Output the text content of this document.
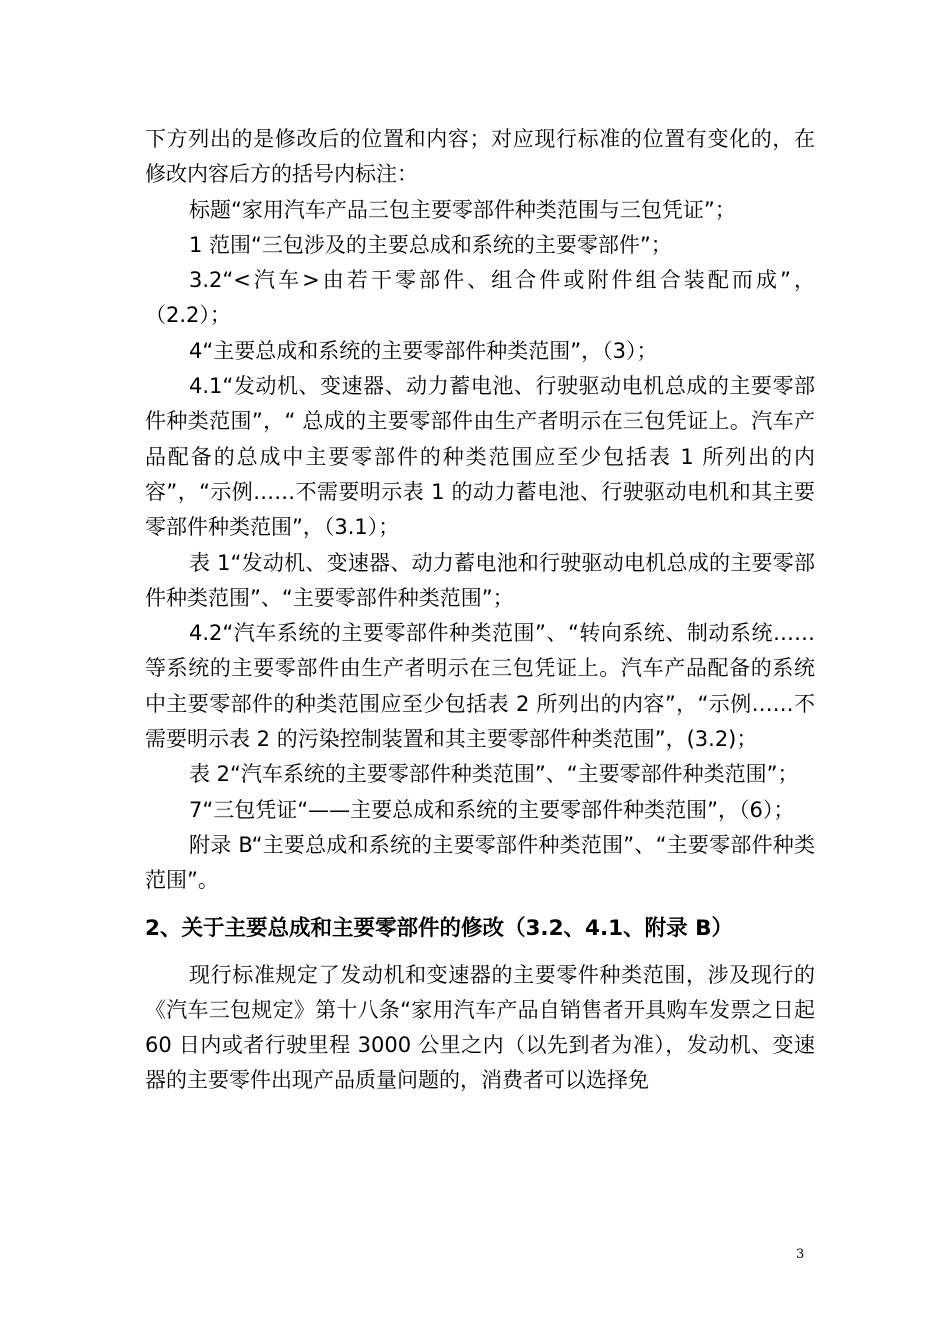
下方列出的是修改后的位置和内容；对应现行标准的位置有变化的，在修改内容后方的括号内标注：

标题“家用汽车产品三包主要零部件种类范围与三包凭证”；

1 范围“三包涉及的主要总成和系统的主要零部件”；

3.2“<汽车>由若干零部件、组合件或附件组合装配而成”，（2.2）；

4“主要总成和系统的主要零部件种类范围”，（3）；

4.1“发动机、变速器、动力蓄电池、行驶驱动电机总成的主要零部件种类范围”，“ 总成的主要零部件由生产者明示在三包凭证上。汽车产品配备的总成中主要零部件的种类范围应至少包括表 1 所列出的内容”，“示例……不需要明示表 1 的动力蓄电池、行驶驱动电机和其主要零部件种类范围”，（3.1）；

表 1“发动机、变速器、动力蓄电池和行驶驱动电机总成的主要零部件种类范围”、“主要零部件种类范围”；

4.2“汽车系统的主要零部件种类范围”、“转向系统、制动系统……等系统的主要零部件由生产者明示在三包凭证上。汽车产品配备的系统中主要零部件的种类范围应至少包括表 2 所列出的内容”，“示例……不需要明示表 2 的污染控制装置和其主要零部件种类范围”，(3.2)；

表 2“汽车系统的主要零部件种类范围”、“主要零部件种类范围”；

7“三包凭证“——主要总成和系统的主要零部件种类范围”，（6）；

附录 B“主要总成和系统的主要零部件种类范围”、“主要零部件种类范围”。

2、关于主要总成和主要零部件的修改（3.2、4.1、附录 B）

现行标准规定了发动机和变速器的主要零件种类范围，涉及现行的《汽车三包规定》第十八条“家用汽车产品自销售者开具购车发票之日起 60 日内或者行驶里程 3000 公里之内（以先到者为准），发动机、变速器的主要零件出现产品质量问题的，消费者可以选择免

3
